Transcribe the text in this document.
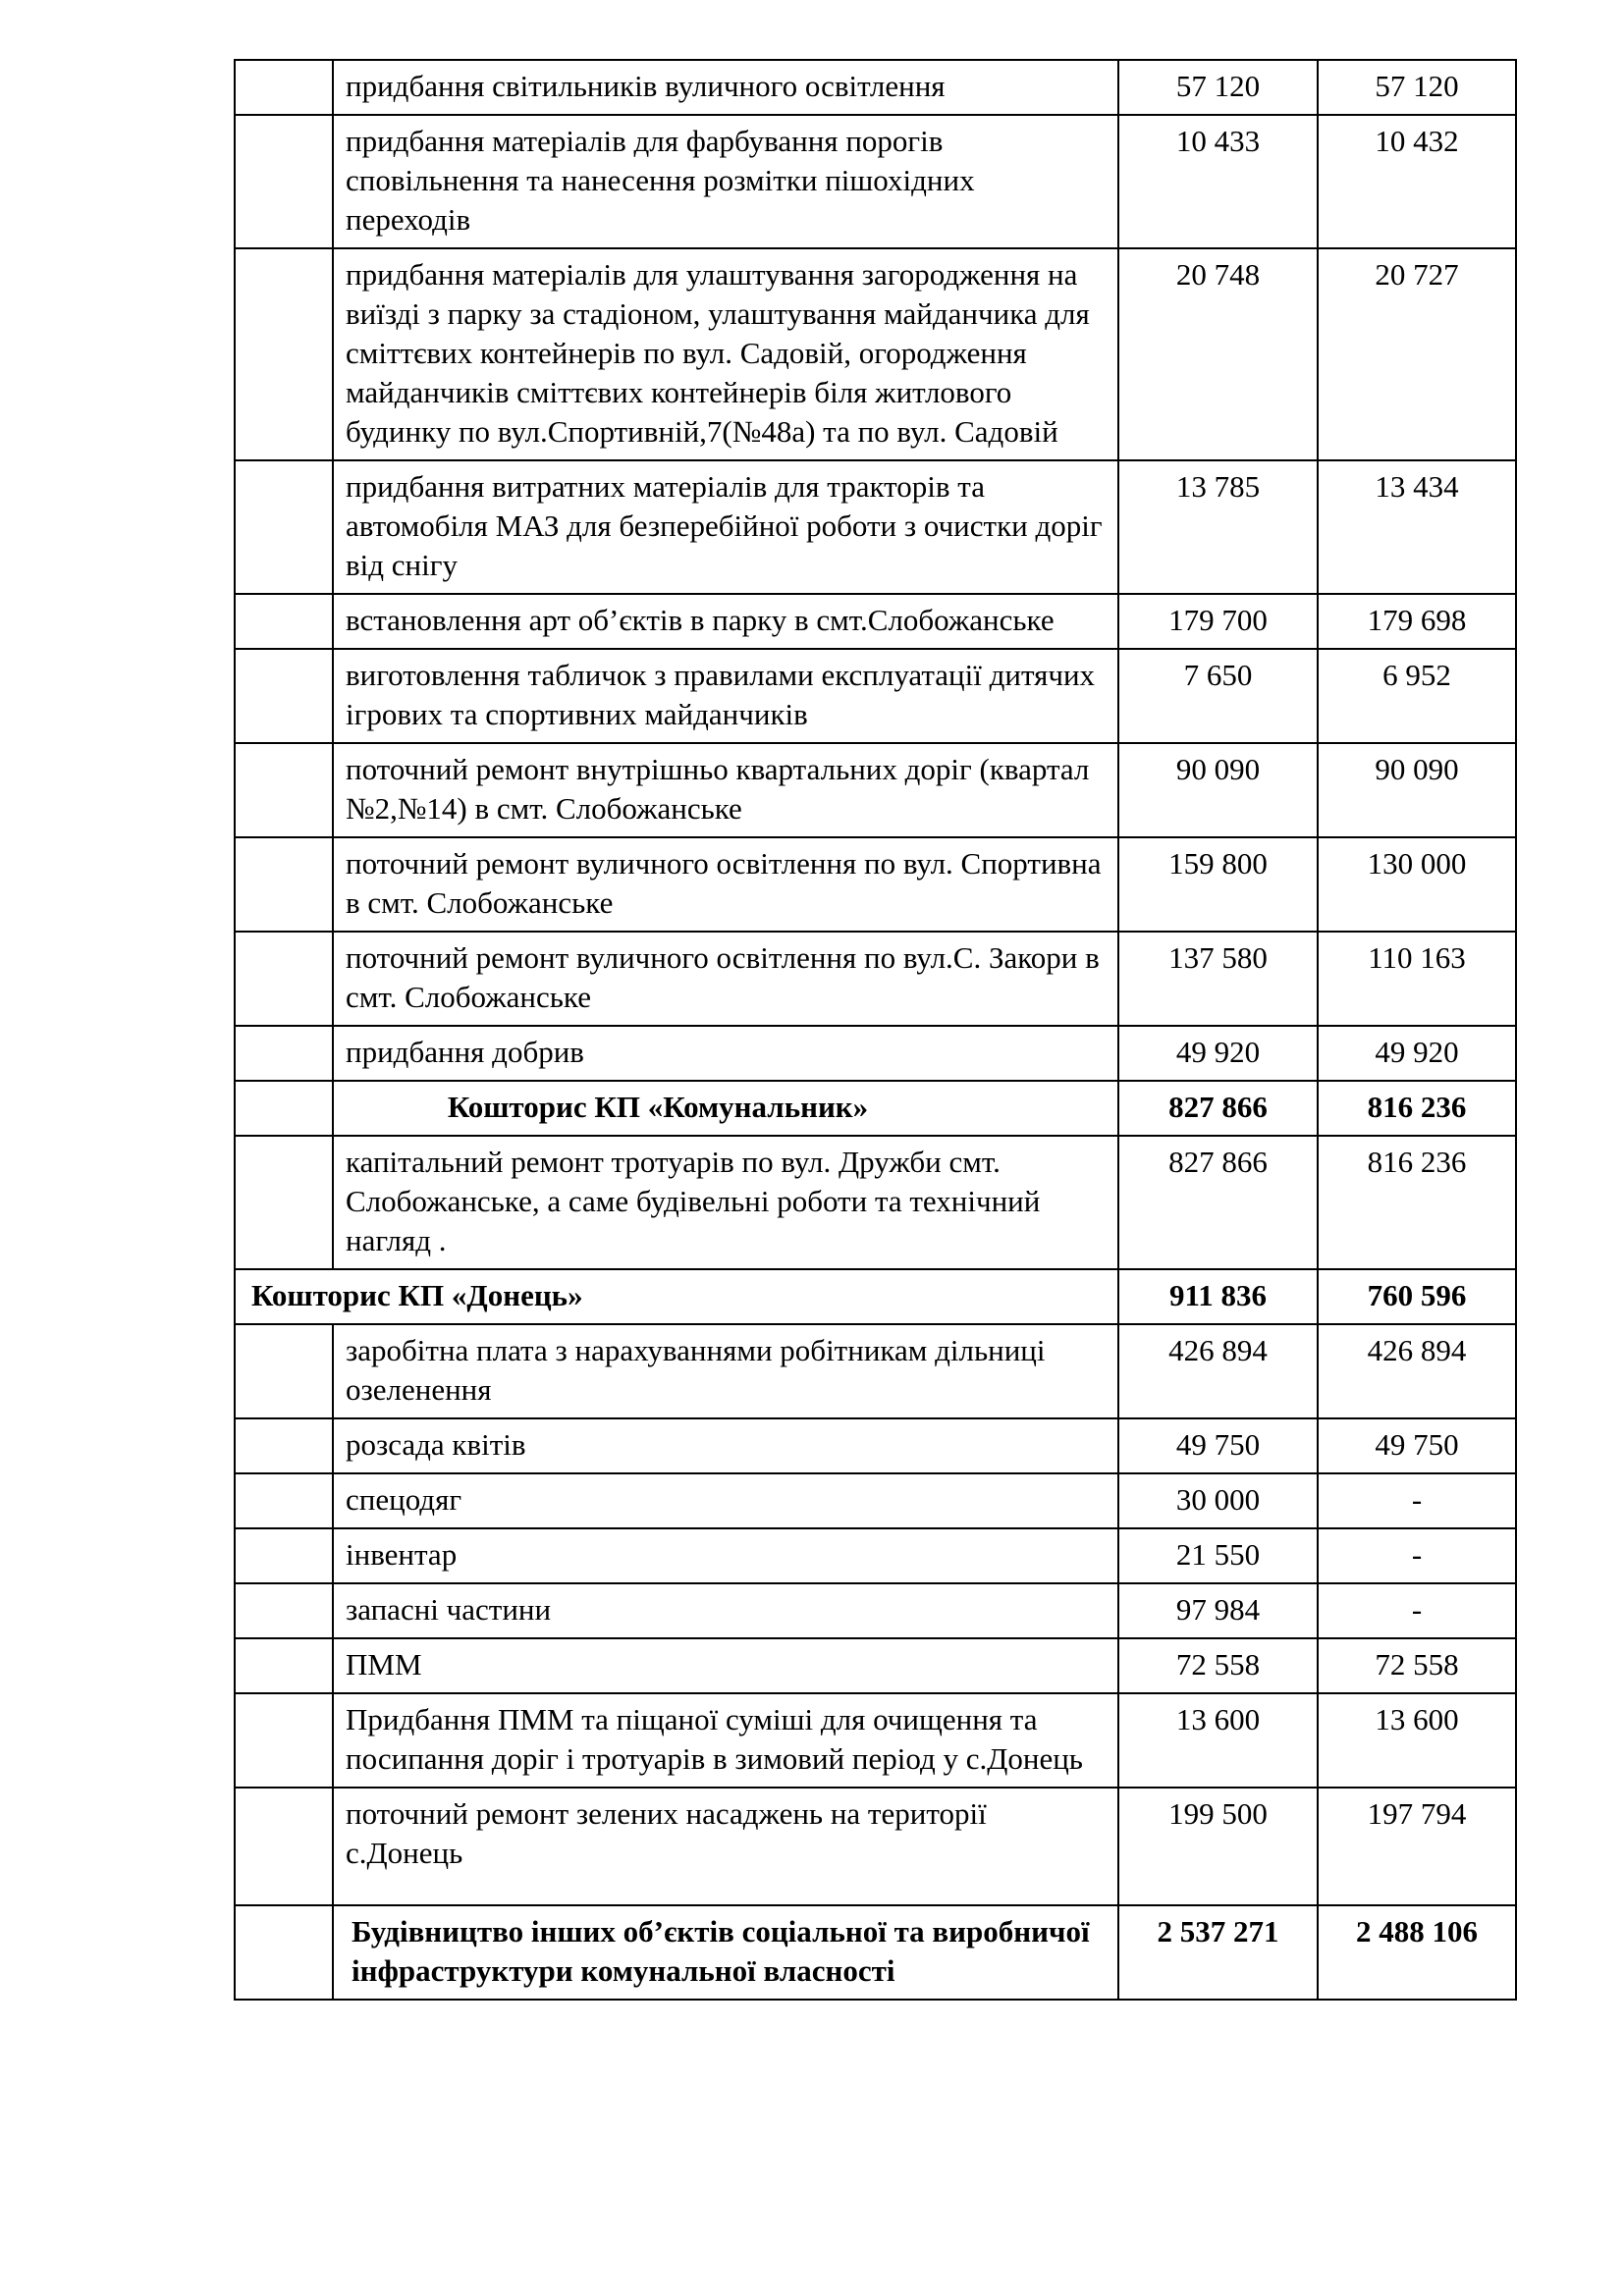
	придбання світильників вуличного освітлення	57 120	57 120
	придбання матеріалів для фарбування порогів сповільнення та нанесення розмітки пішохідних переходів	10 433	10 432
	придбання матеріалів для улаштування загородження на виїзді з парку за стадіоном, улаштування майданчика для сміттєвих контейнерів по вул. Садовій, огородження майданчиків сміттєвих контейнерів біля житлового будинку по вул.Спортивній,7(№48а) та по вул. Садовій	20 748	20 727
	придбання витратних матеріалів для тракторів та автомобіля МАЗ для безперебійної роботи з очистки доріг від снігу	13 785	13 434
	встановлення арт об’єктів в парку в смт.Слобожанське	179 700	179 698
	виготовлення табличок з правилами експлуатації дитячих ігрових та спортивних майданчиків	7 650	6 952
	поточний ремонт внутрішньо квартальних доріг (квартал №2,№14) в смт. Слобожанське	90 090	90 090
	поточний ремонт вуличного освітлення по вул. Спортивна в смт. Слобожанське	159 800	130 000
	поточний ремонт вуличного освітлення по вул.С. Закори в смт. Слобожанське	137 580	110 163
	придбання добрив	49 920	49 920
	Кошторис КП «Комунальник»	827 866	816 236
	капітальний ремонт тротуарів по вул. Дружби смт. Слобожанське, а саме будівельні роботи та технічний нагляд .	827 866	816 236
Кошторис КП «Донець»		911 836	760 596
	заробітна плата з нарахуваннями робітникам дільниці озеленення	426 894	426 894
	розсада квітів	49 750	49 750
	спецодяг	30 000	-
	інвентар	21 550	-
	запасні частини	97 984	-
	ПММ	72 558	72 558
	Придбання ПММ та піщаної суміші для очищення та посипання доріг і тротуарів в зимовий період у с.Донець	13 600	13 600
	поточний ремонт зелених насаджень на території с.Донець	199 500	197 794
	Будівництво інших об’єктів соціальної та виробничої інфраструктури комунальної власності	2 537 271	2 488 106
